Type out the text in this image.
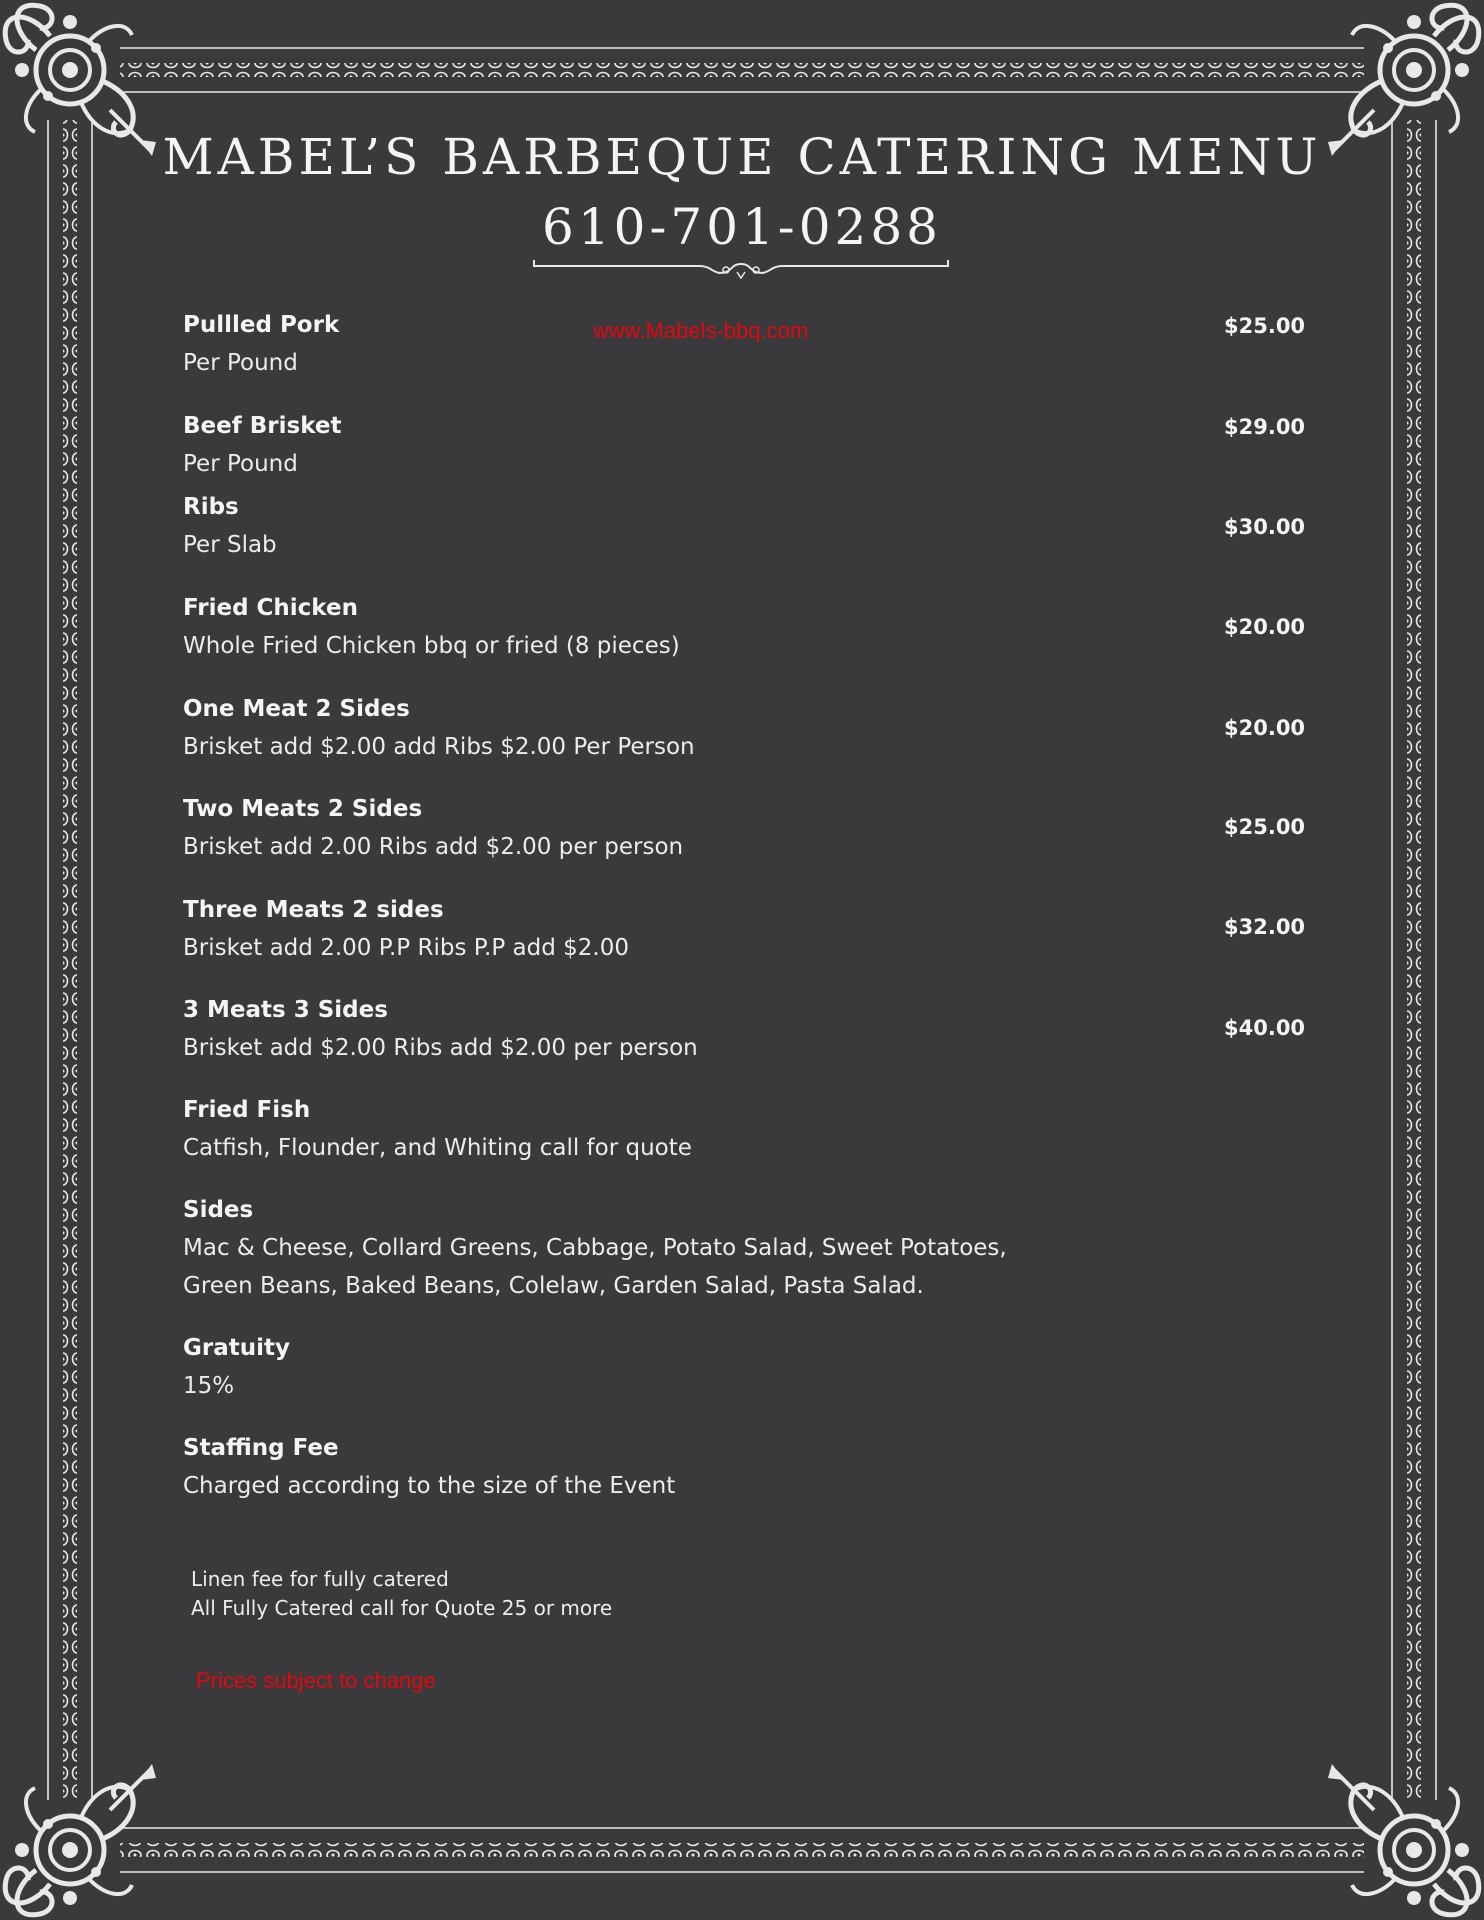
MABEL’S BARBEQUE CATERING MENU
610-701-0288
www.Mabels-bbq.com
Pullled Pork
Per Pound
$25.00
Beef Brisket
Per Pound
$29.00
Ribs
Per Slab
$30.00
Fried Chicken
Whole Fried Chicken bbq or fried (8 pieces)
$20.00
One Meat 2 Sides
Brisket add $2.00 add Ribs $2.00 Per Person
$20.00
Two Meats 2 Sides
Brisket add 2.00 Ribs add $2.00 per person
$25.00
Three Meats 2 sides
Brisket add 2.00 P.P Ribs P.P add $2.00
$32.00
3 Meats 3 Sides
Brisket add $2.00 Ribs add $2.00 per person
$40.00
Fried Fish
Catfish, Flounder, and Whiting call for quote
Sides
Mac & Cheese, Collard Greens, Cabbage, Potato Salad, Sweet Potatoes, Green Beans, Baked Beans, Colelaw, Garden Salad, Pasta Salad.
Gratuity
15%
Staffing Fee
Charged according to the size of the Event
Linen fee for fully catered
All Fully Catered call for Quote 25 or more
Prices subject to change
